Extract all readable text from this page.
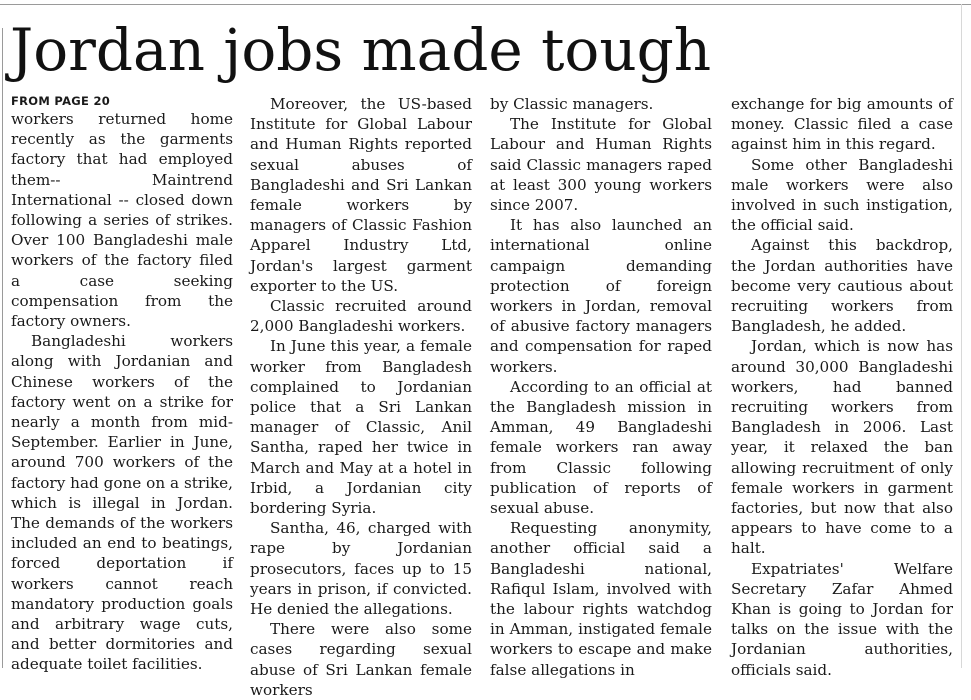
Jordan jobs made tough
FROM PAGE 20

workers returned home recently as the garments factory that had employed them-- Maintrend International -- closed down following a series of strikes. Over 100 Bangladeshi male workers of the factory filed a case seeking compensation from the factory owners.

Bangladeshi workers along with Jordanian and Chinese workers of the factory went on a strike for nearly a month from mid-September. Earlier in June, around 700 workers of the factory had gone on a strike, which is illegal in Jordan. The demands of the workers included an end to beatings, forced deportation if workers cannot reach mandatory production goals and arbitrary wage cuts, and better dormitories and adequate toilet facilities.

Moreover, the US-based Institute for Global Labour and Human Rights reported sexual abuses of Bangladeshi and Sri Lankan female workers by managers of Classic Fashion Apparel Industry Ltd, Jordan's largest garment exporter to the US.

Classic recruited around 2,000 Bangladeshi workers.

In June this year, a female worker from Bangladesh complained to Jordanian police that a Sri Lankan manager of Classic, Anil Santha, raped her twice in March and May at a hotel in Irbid, a Jordanian city bordering Syria.

Santha, 46, charged with rape by Jordanian prosecutors, faces up to 15 years in prison, if convicted. He denied the allegations.

There were also some cases regarding sexual abuse of Sri Lankan female workers

by Classic managers.

The Institute for Global Labour and Human Rights said Classic managers raped at least 300 young workers since 2007.

It has also launched an international online campaign demanding protection of foreign workers in Jordan, removal of abusive factory managers and compensation for raped workers.

According to an official at the Bangladesh mission in Amman, 49 Bangladeshi female workers ran away from Classic following publication of reports of sexual abuse.

Requesting anonymity, another official said a Bangladeshi national, Rafiqul Islam, involved with the labour rights watchdog in Amman, instigated female workers to escape and make false allegations in

exchange for big amounts of money. Classic filed a case against him in this regard.

Some other Bangladeshi male workers were also involved in such instigation, the official said.

Against this backdrop, the Jordan authorities have become very cautious about recruiting workers from Bangladesh, he added.

Jordan, which is now has around 30,000 Bangladeshi workers, had banned recruiting workers from Bangladesh in 2006. Last year, it relaxed the ban allowing recruitment of only female workers in garment factories, but now that also appears to have come to a halt.

Expatriates' Welfare Secretary Zafar Ahmed Khan is going to Jordan for talks on the issue with the Jordanian authorities, officials said.
